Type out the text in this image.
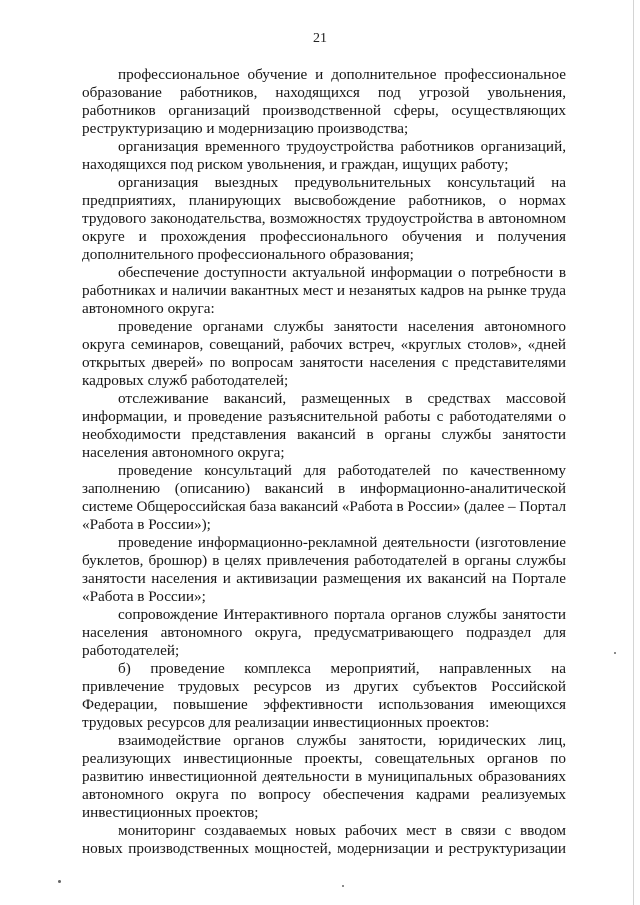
21
профессиональное обучение и дополнительное профессиональное
образование работников, находящихся под угрозой увольнения,
работников организаций производственной сферы, осуществляющих
реструктуризацию и модернизацию производства;
организация временного трудоустройства работников организаций,
находящихся под риском увольнения, и граждан, ищущих работу;
организация выездных предувольнительных консультаций на
предприятиях, планирующих высвобождение работников, о нормах
трудового законодательства, возможностях трудоустройства в автономном
округе и прохождения профессионального обучения и получения
дополнительного профессионального образования;
обеспечение доступности актуальной информации о потребности в
работниках и наличии вакантных мест и незанятых кадров на рынке труда
автономного округа:
проведение органами службы занятости населения автономного
округа семинаров, совещаний, рабочих встреч, «круглых столов», «дней
открытых дверей» по вопросам занятости населения с представителями
кадровых служб работодателей;
отслеживание вакансий, размещенных в средствах массовой
информации, и проведение разъяснительной работы с работодателями о
необходимости представления вакансий в органы службы занятости
населения автономного округа;
проведение консультаций для работодателей по качественному
заполнению (описанию) вакансий в информационно-аналитической
системе Общероссийская база вакансий «Работа в России» (далее – Портал
«Работа в России»);
проведение информационно-рекламной деятельности (изготовление
буклетов, брошюр) в целях привлечения работодателей в органы службы
занятости населения и активизации размещения их вакансий на Портале
«Работа в России»;
сопровождение Интерактивного портала органов службы занятости
населения автономного округа, предусматривающего подраздел для
работодателей;
б) проведение комплекса мероприятий, направленных на
привлечение трудовых ресурсов из других субъектов Российской
Федерации, повышение эффективности использования имеющихся
трудовых ресурсов для реализации инвестиционных проектов:
взаимодействие органов службы занятости, юридических лиц,
реализующих инвестиционные проекты, совещательных органов по
развитию инвестиционной деятельности в муниципальных образованиях
автономного округа по вопросу обеспечения кадрами реализуемых
инвестиционных проектов;
мониторинг создаваемых новых рабочих мест в связи с вводом
новых производственных мощностей, модернизации и реструктуризации
